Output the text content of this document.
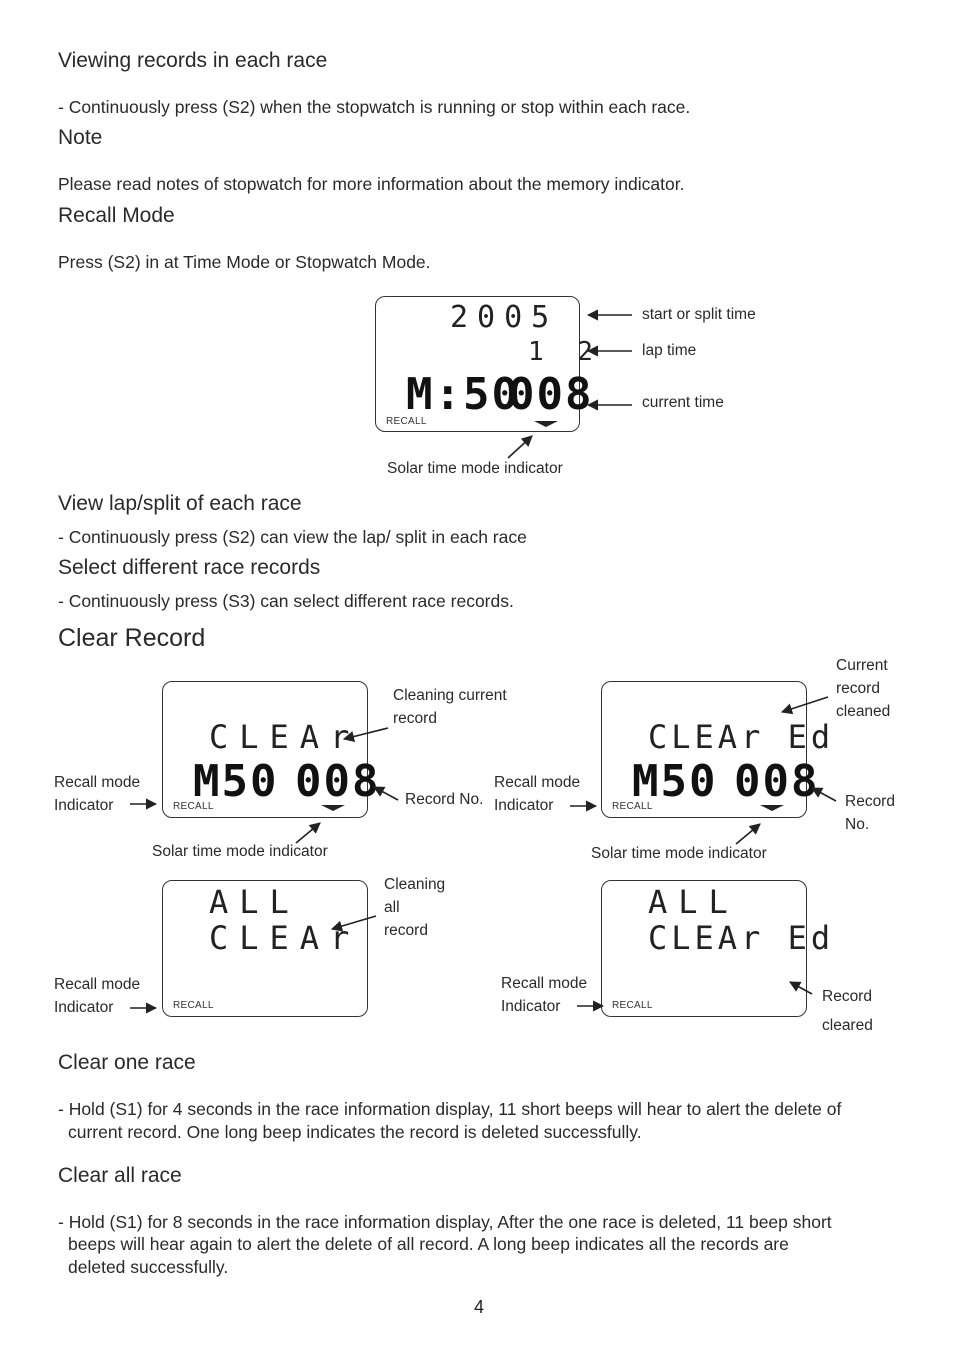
Viewing records in each race
- Continuously press (S2) when the stopwatch is running or stop within each race.
Note
Please read notes of stopwatch for more information about the memory indicator.
Recall Mode
Press (S2) in at Time Mode or Stopwatch Mode.
2005
1 2
M:50
008
RECALL
start or split time
lap time
current time
Solar time mode indicator
View lap/split of each race
- Continuously press (S2) can view the lap/ split in each race
Select different race records
- Continuously press (S3) can select different race records.
Clear Record
CLEAr
M50 008
RECALL
Cleaning current
record
Recall mode
Indicator	Record No.
Solar time mode indicator
CLEAr Ed
M50 008
RECALL
Current
record
cleaned
Recall mode
Indicator	Record
No.
Solar time mode indicator
ALL
CLEAr
RECALL
Cleaning
all
record
Recall mode
Indicator
ALL
CLEAr Ed
RECALL
Recall mode
Indicator
Record
cleared
Clear one race
- Hold (S1) for 4 seconds in the race information display, 11 short beeps will hear to alert the delete of
current record. One long beep indicates the record is deleted successfully.
Clear all race
- Hold (S1) for 8 seconds in the race information display, After the one race is deleted, 11 beep short
beeps will hear again to alert the delete of all record. A long beep indicates all the records are
deleted successfully.
4
